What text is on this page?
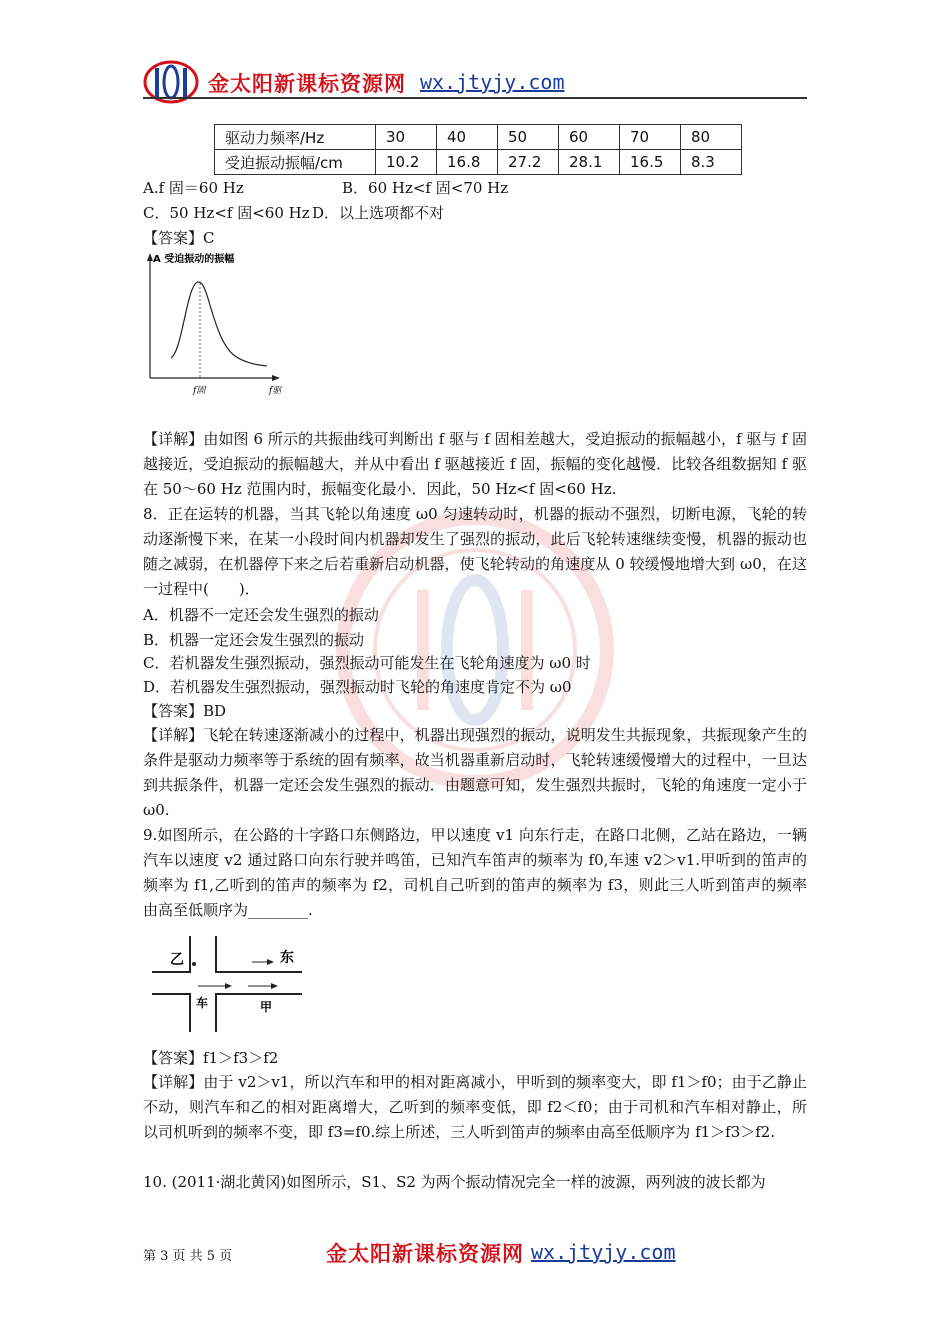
金太阳新课标资源网 wx.jtyjy.com
驱动力频率/Hz	30	40	50	60	70	80
受迫振动振幅/cm	10.2	16.8	27.2	28.1	16.5	8.3
A.f 固＝60 Hz	B．60 Hz<f 固<70 Hz
C．50 Hz<f 固<60 Hz D．以上选项都不对
【答案】C
A 受迫振动的振幅
f固	f驱
【详解】由如图 6 所示的共振曲线可判断出 f 驱与 f 固相差越大，受迫振动的振幅越小，f 驱与 f 固越接近，受迫振动的振幅越大，并从中看出 f 驱越接近 f 固，振幅的变化越慢．比较各组数据知 f 驱在 50～60 Hz 范围内时，振幅变化最小．因此，50 Hz<f 固<60 Hz.
8．正在运转的机器，当其飞轮以角速度 ω0 匀速转动时，机器的振动不强烈，切断电源，飞轮的转动逐渐慢下来，在某一小段时间内机器却发生了强烈的振动，此后飞轮转速继续变慢，机器的振动也随之减弱，在机器停下来之后若重新启动机器，使飞轮转动的角速度从 0 较缓慢地增大到 ω0，在这一过程中(　　)．
A．机器不一定还会发生强烈的振动
B．机器一定还会发生强烈的振动
C．若机器发生强烈振动，强烈振动可能发生在飞轮角速度为 ω0 时
D．若机器发生强烈振动，强烈振动时飞轮的角速度肯定不为 ω0
【答案】BD
【详解】飞轮在转速逐渐减小的过程中，机器出现强烈的振动，说明发生共振现象，共振现象产生的条件是驱动力频率等于系统的固有频率，故当机器重新启动时，飞轮转速缓慢增大的过程中，一旦达到共振条件，机器一定还会发生强烈的振动．由题意可知，发生强烈共振时，飞轮的角速度一定小于 ω0.
9.如图所示，在公路的十字路口东侧路边，甲以速度 v1 向东行走，在路口北侧，乙站在路边，一辆汽车以速度 v2 通过路口向东行驶并鸣笛，已知汽车笛声的频率为 f0,车速 v2＞v1.甲听到的笛声的频率为 f1,乙听到的笛声的频率为 f2，司机自己听到的笛声的频率为 f3，则此三人听到笛声的频率由高至低顺序为________.
乙	东
车	甲
【答案】f1＞f3＞f2
【详解】由于 v2＞v1，所以汽车和甲的相对距离减小，甲听到的频率变大，即 f1＞f0；由于乙静止不动，则汽车和乙的相对距离增大，乙听到的频率变低，即 f2＜f0；由于司机和汽车相对静止，所以司机听到的频率不变，即 f3=f0.综上所述，三人听到笛声的频率由高至低顺序为 f1＞f3＞f2.
10. (2011·湖北黄冈)如图所示，S1、S2 为两个振动情况完全一样的波源，两列波的波长都为
第 3 页 共 5 页	金太阳新课标资源网 wx.jtyjy.com
